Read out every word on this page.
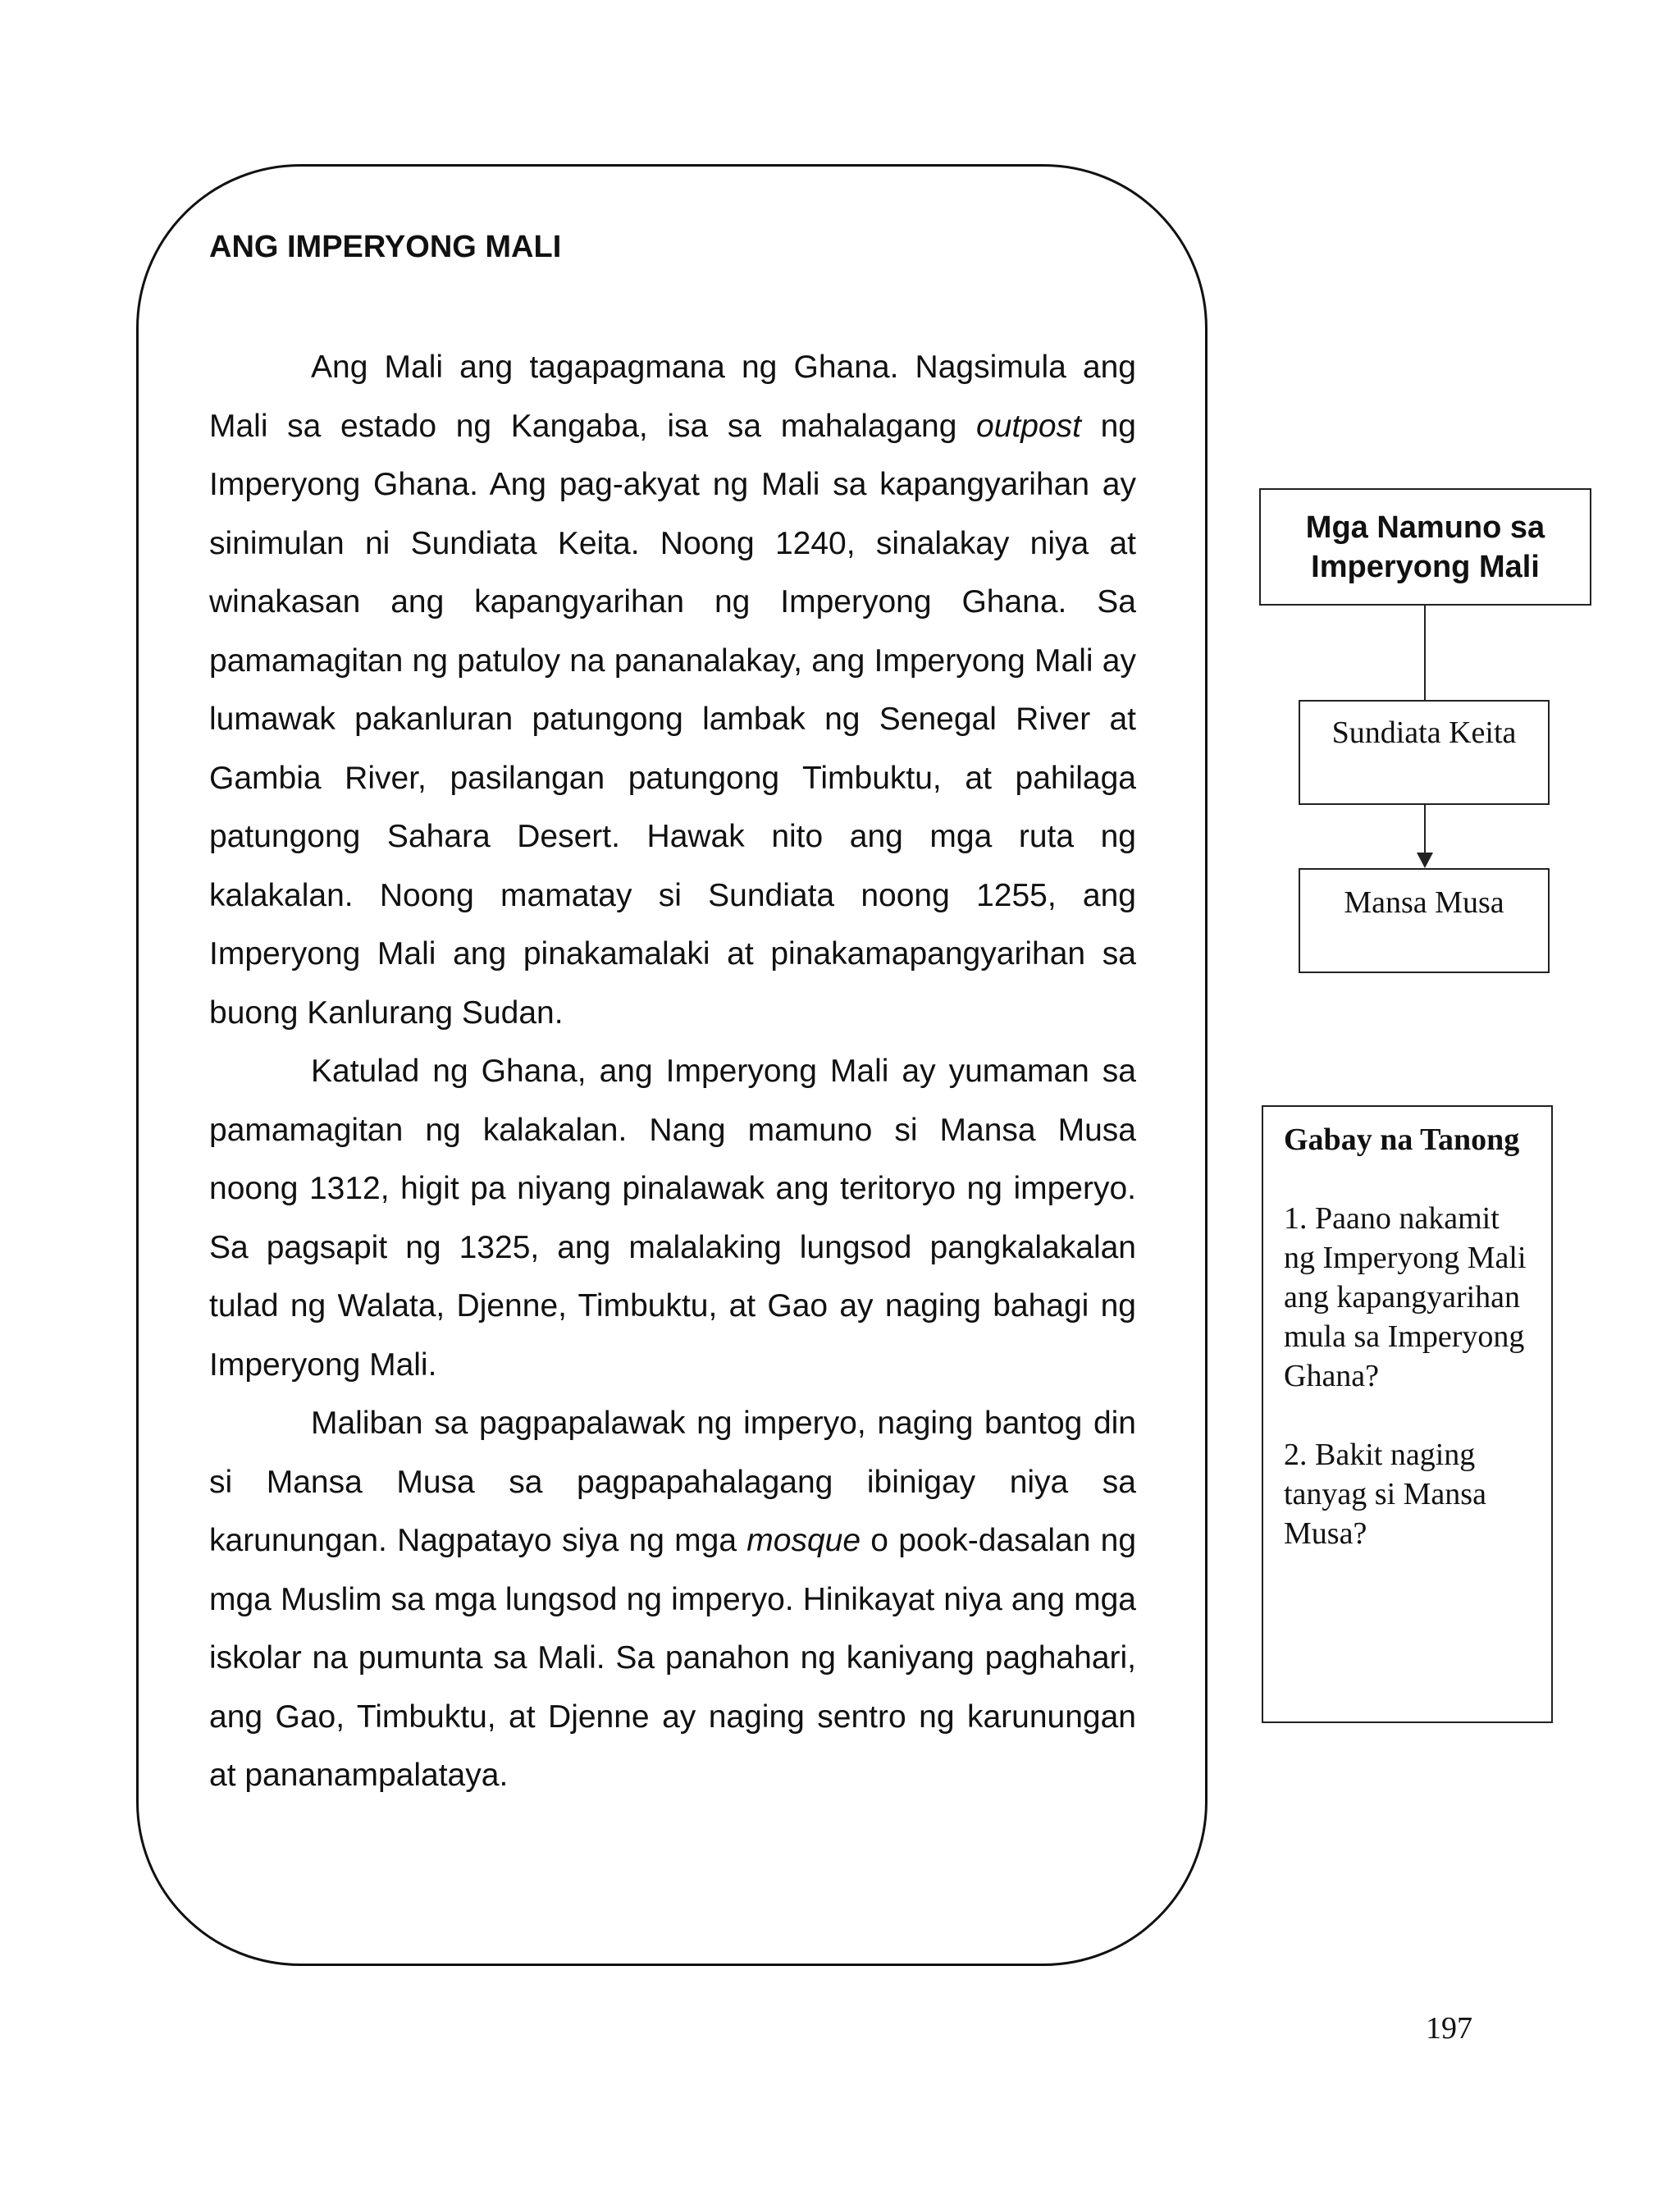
ANG IMPERYONG MALI

Ang Mali ang tagapagmana ng Ghana. Nagsimula ang Mali sa estado ng Kangaba, isa sa mahalagang outpost ng Imperyong Ghana. Ang pag-akyat ng Mali sa kapangyarihan ay sinimulan ni Sundiata Keita. Noong 1240, sinalakay niya at winakasan ang kapangyarihan ng Imperyong Ghana. Sa pamamagitan ng patuloy na pananalakay, ang Imperyong Mali ay lumawak pakanluran patungong lambak ng Senegal River at Gambia River, pasilangan patungong Timbuktu, at pahilaga patungong Sahara Desert. Hawak nito ang mga ruta ng kalakalan. Noong mamatay si Sundiata noong 1255, ang Imperyong Mali ang pinakamalaki at pinakamapangyarihan sa buong Kanlurang Sudan.

Katulad ng Ghana, ang Imperyong Mali ay yumaman sa pamamagitan ng kalakalan. Nang mamuno si Mansa Musa noong 1312, higit pa niyang pinalawak ang teritoryo ng imperyo. Sa pagsapit ng 1325, ang malalaking lungsod pangkalakalan tulad ng Walata, Djenne, Timbuktu, at Gao ay naging bahagi ng Imperyong Mali.

Maliban sa pagpapalawak ng imperyo, naging bantog din si Mansa Musa sa pagpapahalagang ibinigay niya sa karunungan. Nagpatayo siya ng mga mosque o pook-dasalan ng mga Muslim sa mga lungsod ng imperyo. Hinikayat niya ang mga iskolar na pumunta sa Mali. Sa panahon ng kaniyang paghahari, ang Gao, Timbuktu, at Djenne ay naging sentro ng karunungan at pananampalataya.

Mga Namuno sa Imperyong Mali
Sundiata Keita
Mansa Musa

Gabay na Tanong

1. Paano nakamit ng Imperyong Mali ang kapangyarihan mula sa Imperyong Ghana?

2. Bakit naging tanyag si Mansa Musa?

197
